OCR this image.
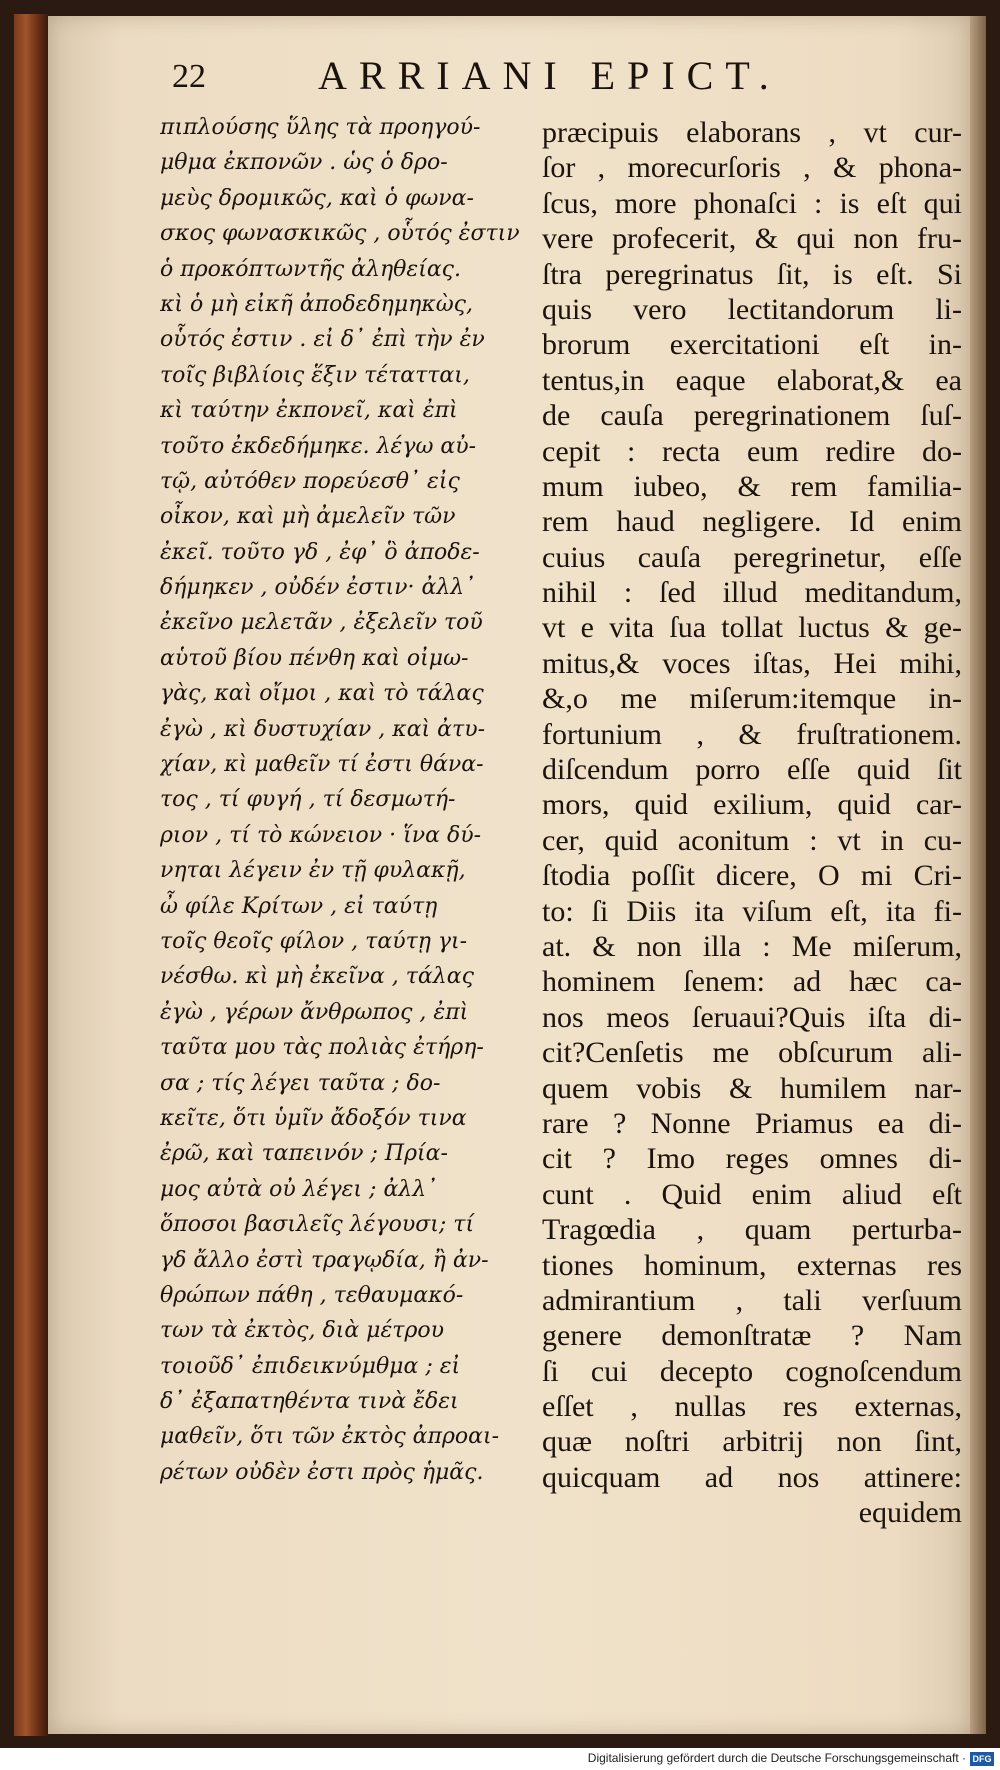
22	ARRIANI EPICT.
πιπλούσης ὕλης τὰ προηγού-
μθμα ἐκπονῶν . ὡς ὁ δρο-
μεὺς δρομικῶς, καὶ ὁ φωνα-
σκος φωνασκικῶς , οὗτός ἐστιν
ὁ προκόπτωντῆς ἀληθείας.
κὶ ὁ μὴ εἰκῆ ἀποδεδημηκὼς,
οὗτός ἐστιν . εἰ δ᾽ ἐπὶ τὴν ἐν
τοῖς βιβλίοις ἕξιν τέτατται,
κὶ ταύτην ἐκπονεῖ, καὶ ἐπὶ
τοῦτο ἐκδεδήμηκε. λέγω αὐ-
τῷ, αὐτόθεν πορεύεσθ᾽ εἰς
οἶκον, καὶ μὴ ἀμελεῖν τῶν
ἐκεῖ. τοῦτο γδ , ἐφ᾽ ὃ ἀποδε-
δήμηκεν , οὐδέν ἐστιν· ἀλλ᾽
ἐκεῖνο μελετᾶν , ἐξελεῖν τοῦ
αὑτοῦ βίου πένθη καὶ οἰμω-
γὰς, καὶ οἴμοι , καὶ τὸ τάλας
ἐγὼ , κὶ δυστυχίαν , καὶ ἀτυ-
χίαν, κὶ μαθεῖν τί ἐστι θάνα-
τος , τί φυγή , τί δεσμωτή-
ριον , τί τὸ κώνειον · ἵνα δύ-
νηται λέγειν ἐν τῇ φυλακῇ,
ὦ φίλε Κρίτων , εἰ ταύτῃ
τοῖς θεοῖς φίλον , ταύτῃ γι-
νέσθω. κὶ μὴ ἐκεῖνα , τάλας
ἐγὼ , γέρων ἄνθρωπος , ἐπὶ
ταῦτα μου τὰς πολιὰς ἐτήρη-
σα ; τίς λέγει ταῦτα ; δο-
κεῖτε, ὅτι ὑμῖν ἄδοξόν τινα
ἐρῶ, καὶ ταπεινόν ; Πρία-
μος αὐτὰ οὐ λέγει ; ἀλλ᾽
ὅποσοι βασιλεῖς λέγουσι; τί
γδ ἄλλο ἐστὶ τραγῳδία, ἢ ἀν-
θρώπων πάθη , τεθαυμακό-
των τὰ ἐκτὸς, διὰ μέτρου
τοιοῦδ᾽ ἐπιδεικνύμθμα ; εἰ
δ᾽ ἐξαπατηθέντα τινὰ ἔδει
μαθεῖν, ὅτι τῶν ἐκτὸς ἀπροαι-
ρέτων οὐδὲν ἐστι πρὸς ἡμᾶς.
præcipuis elaborans , vt cur-
ſor , morecurſoris , & phona-
ſcus, more phonaſci : is eſt qui
vere profecerit, & qui non fru-
ſtra peregrinatus ſit, is eſt. Si
quis vero lectitandorum li-
brorum exercitationi eſt in-
tentus,in eaque elaborat,& ea
de cauſa peregrinationem ſuſ-
cepit : recta eum redire do-
mum iubeo, & rem familia-
rem haud negligere. Id enim
cuius cauſa peregrinetur, eſſe
nihil : ſed illud meditandum,
vt e vita ſua tollat luctus & ge-
mitus,& voces iſtas, Hei mihi,
&,o me miſerum:itemque in-
fortunium , & fruſtrationem.
diſcendum porro eſſe quid ſit
mors, quid exilium, quid car-
cer, quid aconitum : vt in cu-
ſtodia poſſit dicere, O mi Cri-
to: ſi Diis ita viſum eſt, ita fi-
at. & non illa : Me miſerum,
hominem ſenem: ad hæc ca-
nos meos ſeruaui?Quis iſta di-
cit?Cenſetis me obſcurum ali-
quem vobis & humilem nar-
rare ? Nonne Priamus ea di-
cit ? Imo reges omnes di-
cunt . Quid enim aliud eſt
Tragœdia , quam perturba-
tiones hominum, externas res
admirantium , tali verſuum
genere demonſtratæ ? Nam
ſi cui decepto cognoſcendum
eſſet , nullas res externas,
quæ noſtri arbitrij non ſint,
quicquam ad nos attinere:
equidem
Digitalisierung gefördert durch die Deutsche Forschungsgemeinschaft · DFG
